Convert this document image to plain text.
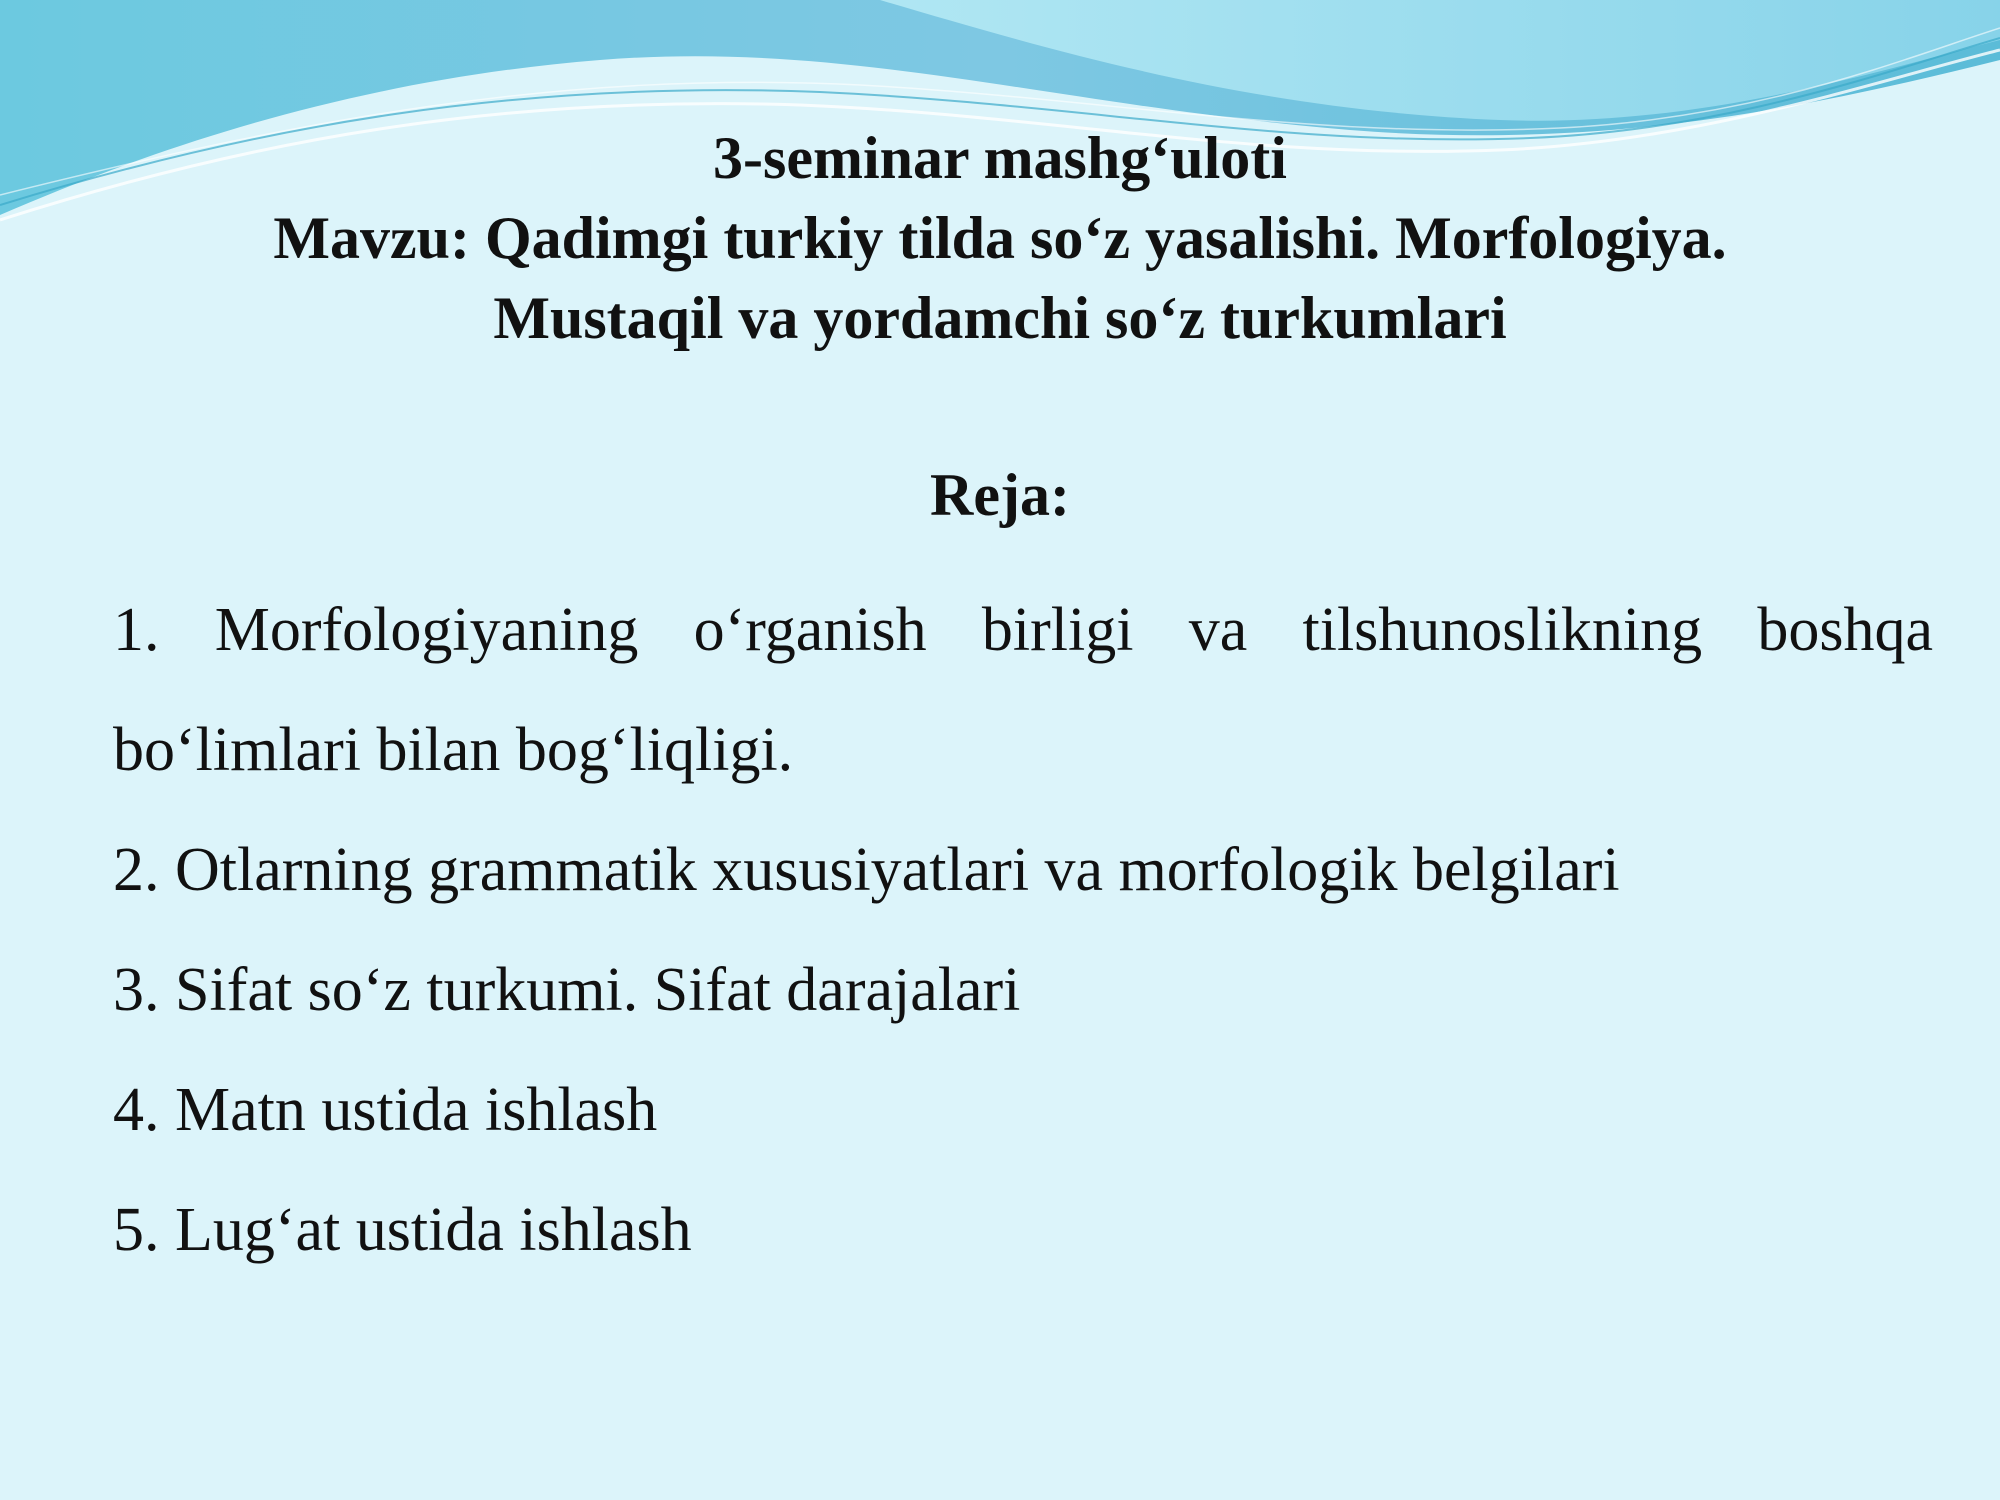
3-seminar mashg‘uloti
Mavzu: Qadimgi turkiy tilda so‘z yasalishi. Morfologiya.
Mustaqil va yordamchi so‘z turkumlari
Reja:
1. Morfologiyaning o‘rganish birligi va tilshunoslikning boshqa bo‘limlari bilan bog‘liqligi.
2. Otlarning grammatik xususiyatlari va morfologik belgilari
3. Sifat so‘z turkumi. Sifat darajalari
4. Matn ustida ishlash
5. Lug‘at ustida ishlash
